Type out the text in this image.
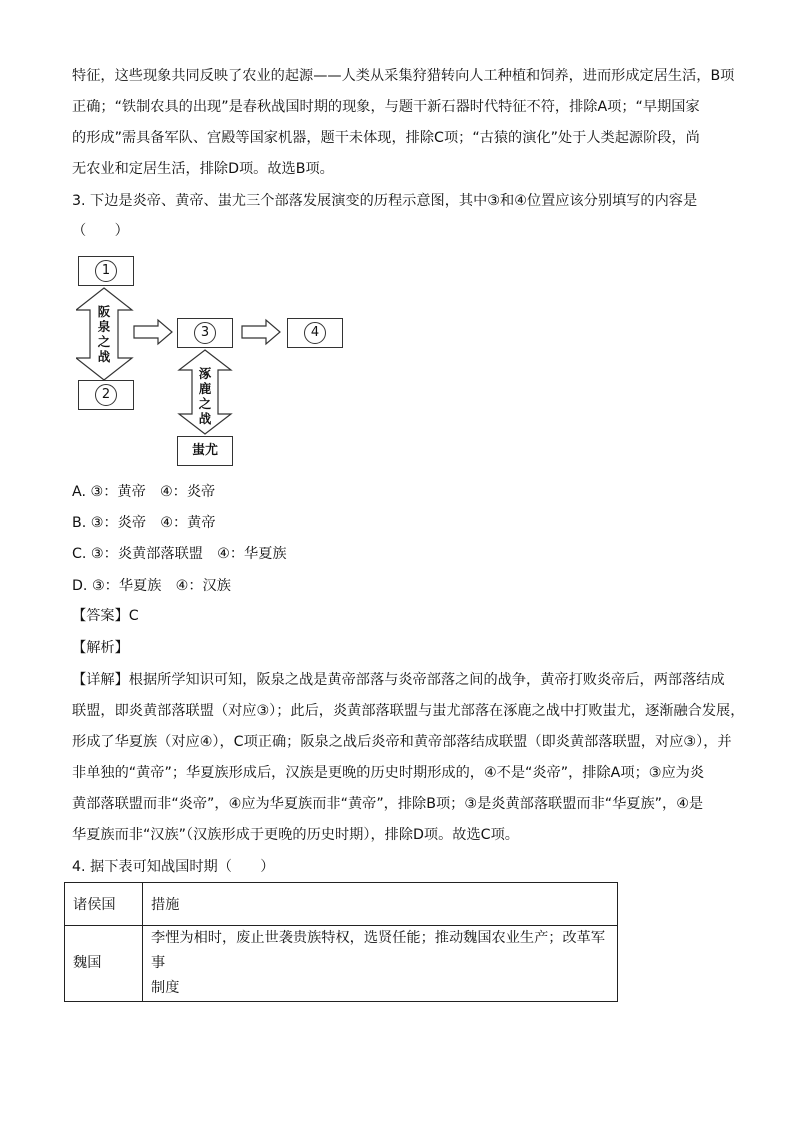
特征，这些现象共同反映了农业的起源——人类从采集狩猎转向人工种植和饲养，进而形成定居生活，B项
正确；“铁制农具的出现”是春秋战国时期的现象，与题干新石器时代特征不符，排除A项；“早期国家
的形成”需具备军队、宫殿等国家机器，题干未体现，排除C项；“古猿的演化”处于人类起源阶段，尚
无农业和定居生活，排除D项。故选B项。
3. 下边是炎帝、黄帝、蚩尤三个部落发展演变的历程示意图，其中③和④位置应该分别填写的内容是
（　　）
1
2
3	4
蚩尤
阪泉之战
涿鹿之战
A. ③：黄帝　④：炎帝
B. ③：炎帝　④：黄帝
C. ③：炎黄部落联盟　④：华夏族
D. ③：华夏族　④：汉族
【答案】C
【解析】
【详解】根据所学知识可知，阪泉之战是黄帝部落与炎帝部落之间的战争，黄帝打败炎帝后，两部落结成
联盟，即炎黄部落联盟（对应③）；此后，炎黄部落联盟与蚩尤部落在涿鹿之战中打败蚩尤，逐渐融合发展，
形成了华夏族（对应④），C项正确；阪泉之战后炎帝和黄帝部落结成联盟（即炎黄部落联盟，对应③），并
非单独的“黄帝”；华夏族形成后，汉族是更晚的历史时期形成的，④不是“炎帝”，排除A项；③应为炎
黄部落联盟而非“炎帝”，④应为华夏族而非“黄帝”，排除B项；③是炎黄部落联盟而非“华夏族”，④是
华夏族而非“汉族”（汉族形成于更晚的历史时期），排除D项。故选C项。
4. 据下表可知战国时期（　　）
诸侯国	措施
魏国	李悝为相时，废止世袭贵族特权，选贤任能；推动魏国农业生产；改革军事
制度
